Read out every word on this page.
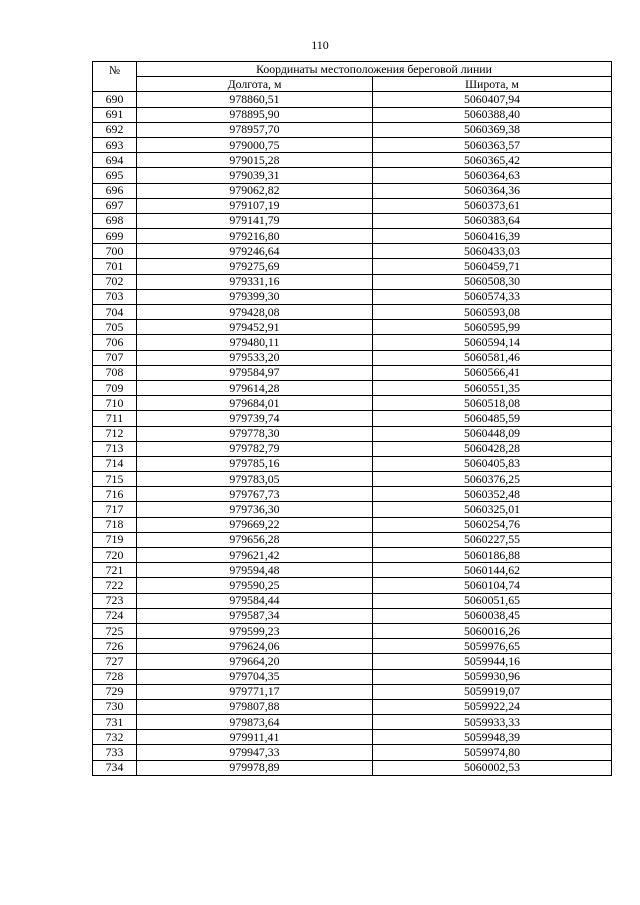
110
№	Координаты местоположения береговой линии	
	Долгота, м	Широта, м
690	978860,51	5060407,94
691	978895,90	5060388,40
692	978957,70	5060369,38
693	979000,75	5060363,57
694	979015,28	5060365,42
695	979039,31	5060364,63
696	979062,82	5060364,36
697	979107,19	5060373,61
698	979141,79	5060383,64
699	979216,80	5060416,39
700	979246,64	5060433,03
701	979275,69	5060459,71
702	979331,16	5060508,30
703	979399,30	5060574,33
704	979428,08	5060593,08
705	979452,91	5060595,99
706	979480,11	5060594,14
707	979533,20	5060581,46
708	979584,97	5060566,41
709	979614,28	5060551,35
710	979684,01	5060518,08
711	979739,74	5060485,59
712	979778,30	5060448,09
713	979782,79	5060428,28
714	979785,16	5060405,83
715	979783,05	5060376,25
716	979767,73	5060352,48
717	979736,30	5060325,01
718	979669,22	5060254,76
719	979656,28	5060227,55
720	979621,42	5060186,88
721	979594,48	5060144,62
722	979590,25	5060104,74
723	979584,44	5060051,65
724	979587,34	5060038,45
725	979599,23	5060016,26
726	979624,06	5059976,65
727	979664,20	5059944,16
728	979704,35	5059930,96
729	979771,17	5059919,07
730	979807,88	5059922,24
731	979873,64	5059933,33
732	979911,41	5059948,39
733	979947,33	5059974,80
734	979978,89	5060002,53
